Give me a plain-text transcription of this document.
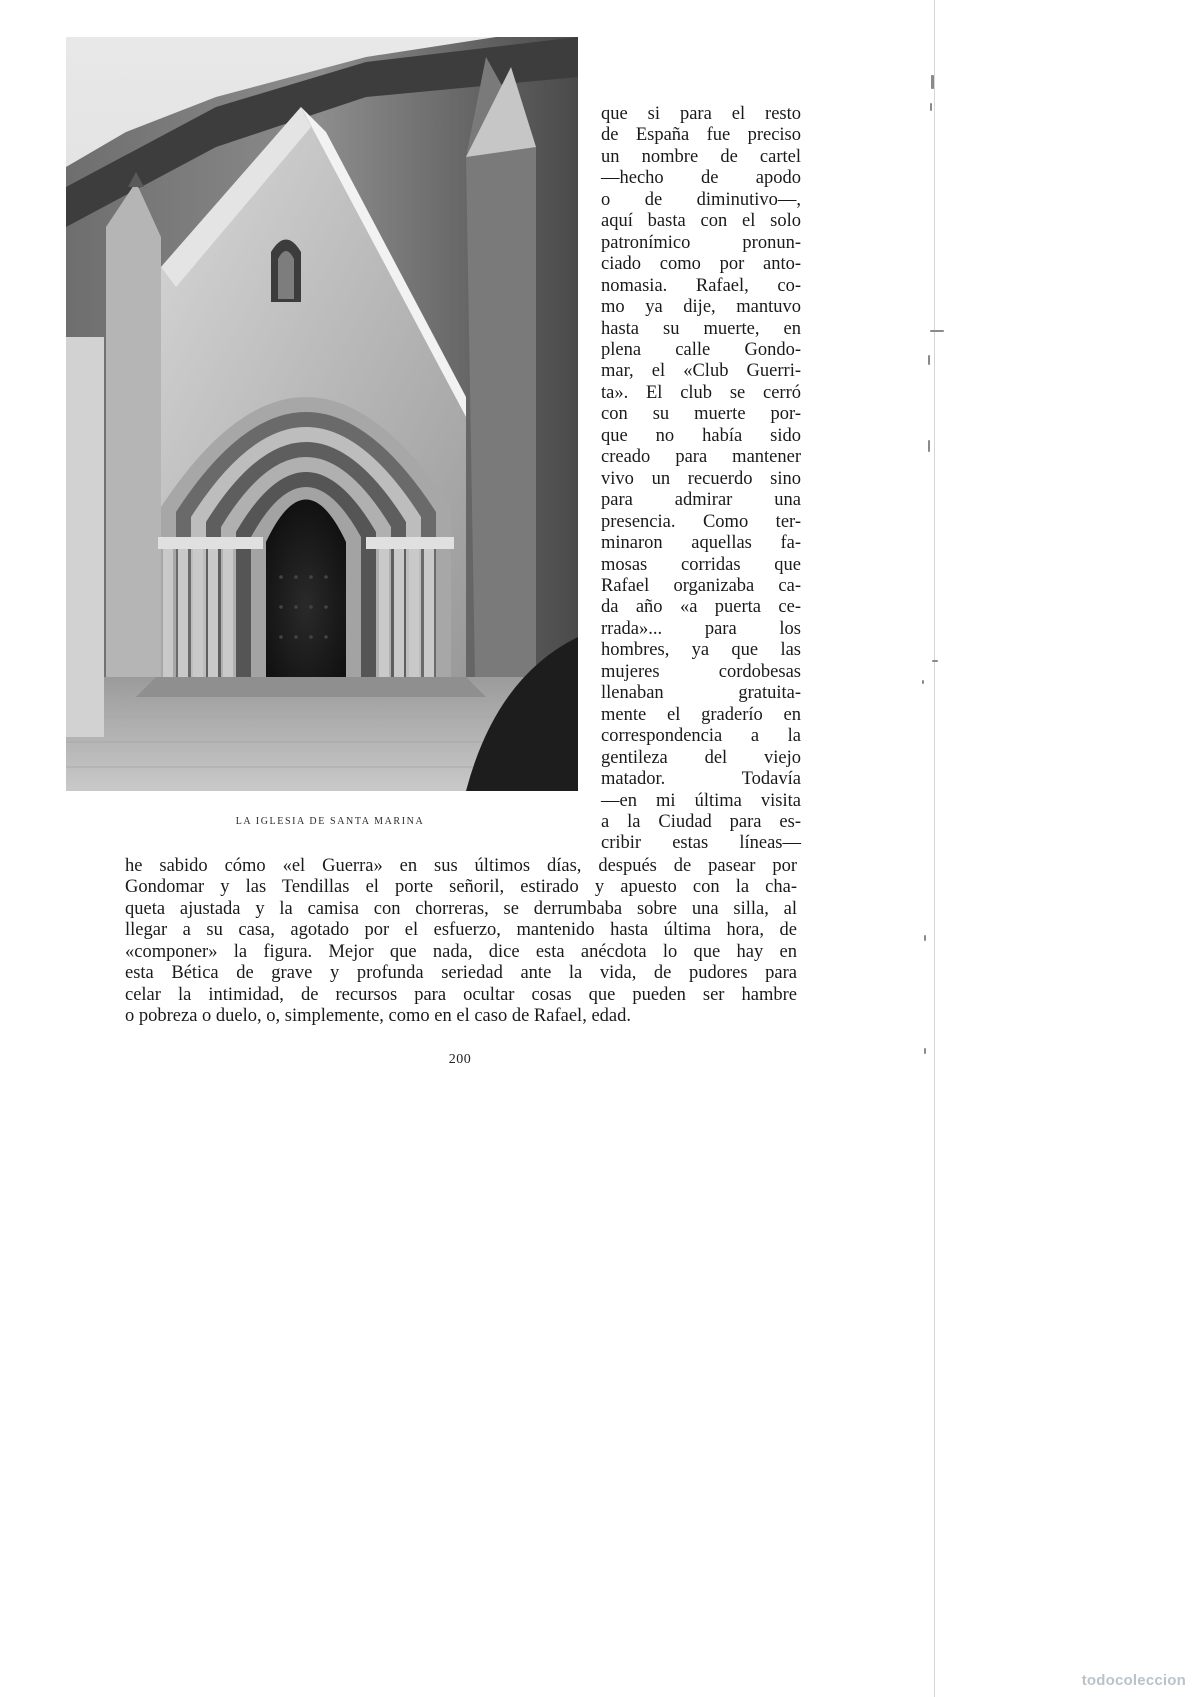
LA IGLESIA DE SANTA MARINA
que si para el resto
de España fue preciso
un nombre de cartel
—hecho de apodo
o de diminutivo—,
aquí basta con el solo
patronímico pronun-
ciado como por anto-
nomasia. Rafael, co-
mo ya dije, mantuvo
hasta su muerte, en
plena calle Gondo-
mar, el «Club Guerri-
ta». El club se cerró
con su muerte por-
que no había sido
creado para mantener
vivo un recuerdo sino
para admirar una
presencia. Como ter-
minaron aquellas fa-
mosas corridas que
Rafael organizaba ca-
da año «a puerta ce-
rrada»... para los
hombres, ya que las
mujeres cordobesas
llenaban gratuita-
mente el graderío en
correspondencia a la
gentileza del viejo
matador. Todavía
—en mi última visita
a la Ciudad para es-
cribir estas líneas—
he sabido cómo «el Guerra» en sus últimos días, después de pasear por
Gondomar y las Tendillas el porte señoril, estirado y apuesto con la cha-
queta ajustada y la camisa con chorreras, se derrumbaba sobre una silla, al
llegar a su casa, agotado por el esfuerzo, mantenido hasta última hora, de
«componer» la figura. Mejor que nada, dice esta anécdota lo que hay en
esta Bética de grave y profunda seriedad ante la vida, de pudores para
celar la intimidad, de recursos para ocultar cosas que pueden ser hambre
o pobreza o duelo, o, simplemente, como en el caso de Rafael, edad.
200
todocoleccion
